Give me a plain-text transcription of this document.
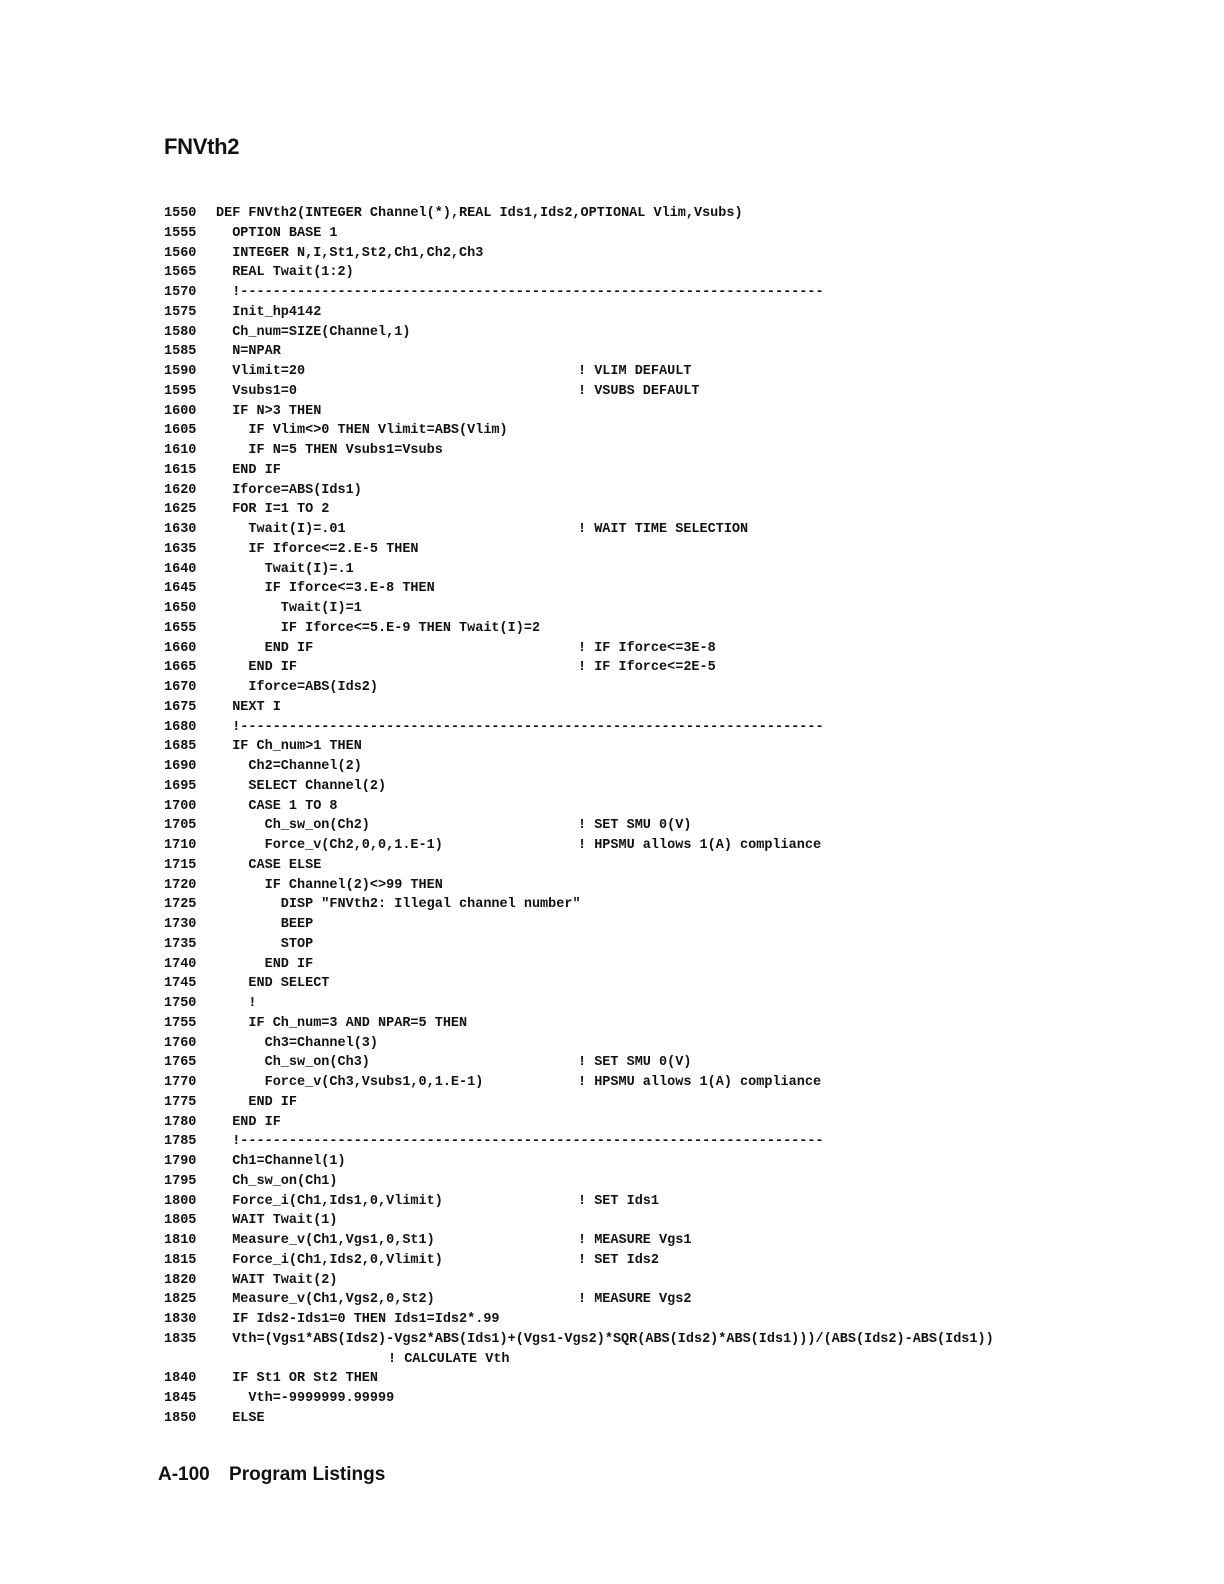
FNVth2
1550 DEF FNVth2(INTEGER Channel(*),REAL Ids1,Ids2,OPTIONAL Vlim,Vsubs)
1555	OPTION BASE 1
1560	INTEGER N,I,St1,St2,Ch1,Ch2,Ch3
1565	REAL Twait(1:2)
1570	!------------------------------------------------------------------------
1575	Init_hp4142
1580	Ch_num=SIZE(Channel,1)
1585	N=NPAR
1590	Vlimit=20	! VLIM DEFAULT
1595	Vsubs1=0	! VSUBS DEFAULT
1600	IF N>3 THEN
1605	IF Vlim<>0 THEN Vlimit=ABS(Vlim)
1610	IF N=5 THEN Vsubs1=Vsubs
1615	END IF
1620	Iforce=ABS(Ids1)
1625	FOR I=1 TO 2
1630	Twait(I)=.01	! WAIT TIME SELECTION
1635	IF Iforce<=2.E-5 THEN
1640	Twait(I)=.1
1645	IF Iforce<=3.E-8 THEN
1650	Twait(I)=1
1655	IF Iforce<=5.E-9 THEN Twait(I)=2
1660	END IF	! IF Iforce<=3E-8
1665	END IF	! IF Iforce<=2E-5
1670	Iforce=ABS(Ids2)
1675	NEXT I
1680	!------------------------------------------------------------------------
1685	IF Ch_num>1 THEN
1690	Ch2=Channel(2)
1695	SELECT Channel(2)
1700	CASE 1 TO 8
1705	Ch_sw_on(Ch2)	! SET SMU 0(V)
1710	Force_v(Ch2,0,0,1.E-1)	! HPSMU allows 1(A) compliance
1715	CASE ELSE
1720	IF Channel(2)<>99 THEN
1725	DISP "FNVth2: Illegal channel number"
1730	BEEP
1735	STOP
1740	END IF
1745	END SELECT
1750	!
1755	IF Ch_num=3 AND NPAR=5 THEN
1760	Ch3=Channel(3)
1765	Ch_sw_on(Ch3)	! SET SMU 0(V)
1770	Force_v(Ch3,Vsubs1,0,1.E-1)	! HPSMU allows 1(A) compliance
1775	END IF
1780	END IF
1785	!------------------------------------------------------------------------
1790	Ch1=Channel(1)
1795	Ch_sw_on(Ch1)
1800	Force_i(Ch1,Ids1,0,Vlimit)	! SET Ids1
1805	WAIT Twait(1)
1810	Measure_v(Ch1,Vgs1,0,St1)	! MEASURE Vgs1
1815	Force_i(Ch1,Ids2,0,Vlimit)	! SET Ids2
1820	WAIT Twait(2)
1825	Measure_v(Ch1,Vgs2,0,St2)	! MEASURE Vgs2
1830	IF Ids2-Ids1=0 THEN Ids1=Ids2*.99
1835	Vth=(Vgs1*ABS(Ids2)-Vgs2*ABS(Ids1)+(Vgs1-Vgs2)*SQR(ABS(Ids2)*ABS(Ids1)))/(ABS(Ids2)-ABS(Ids1))
! CALCULATE Vth
1840	IF St1 OR St2 THEN
1845	Vth=-9999999.99999
1850	ELSE
A-100 Program Listings
